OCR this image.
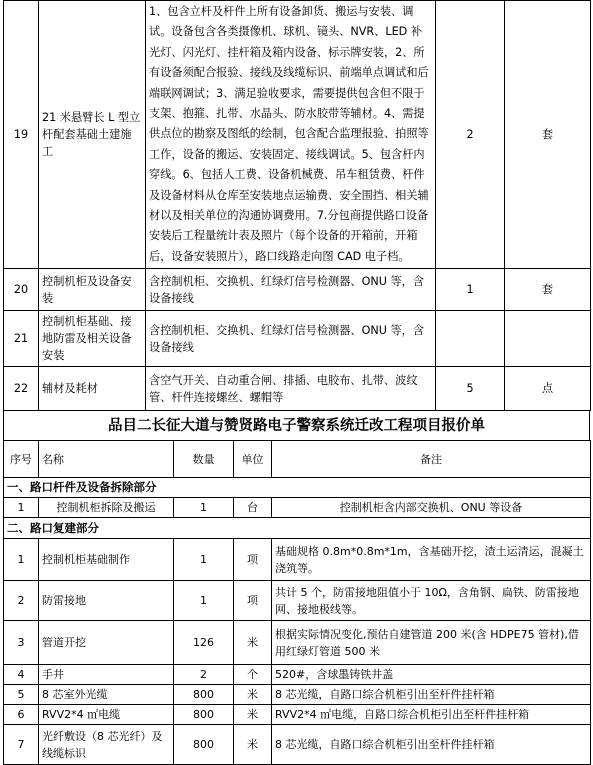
19	21 米悬臂长 L 型立杆配套基础土建施工	1、包含立杆及杆件上所有设备卸货、搬运与安装、调试。设备包含各类摄像机、球机、镜头、NVR、LED 补光灯、闪光灯、挂杆箱及箱内设备、标示牌安装，2、所有设备须配合报验、接线及线缆标识、前端单点调试和后端联网调试；3、满足验收要求，需要提供包含但不限于支架、抱箍、扎带、水晶头、防水胶带等辅材。4、需提供点位的勘察及图纸的绘制，包含配合监理报验、拍照等工作，设备的搬运、安装固定、接线调试。5、包含杆内穿线。6、包括人工费、设备机械费、吊车租赁费、杆件及设备材料从仓库至安装地点运输费、安全围挡、相关辅材以及相关单位的沟通协调费用。7.分包商提供路口设备安装后工程量统计表及照片（每个设备的开箱前，开箱后，设备安装照片），路口线路走向图 CAD 电子档。	2	套
20	控制机柜及设备安装	含控制机柜、交换机、红绿灯信号检测器、ONU 等，含设备接线	1	套
21	控制机柜基础、接地防雷及相关设备安装	含控制机柜、交换机、红绿灯信号检测器、ONU 等，含设备接线		
22	辅材及耗材	含空气开关、自动重合闸、排插、电胶布、扎带、波纹管、杆件连接螺丝、螺帽等	5	点
品目二长征大道与赞贤路电子警察系统迁改工程项目报价单
序号	名称	数量	单位	备注
一、路口杆件及设备拆除部分				
1	控制机柜拆除及搬运	1	台	控制机柜含内部交换机、ONU 等设备
二、路口复建部分				
1	控制机柜基础制作	1	项	基础规格 0.8m*0.8m*1m，含基础开挖，渣土运清运，混凝土浇筑等。
2	防雷接地	1	项	共计 5 个，防雷接地阻值小于 10Ω，含角钢、扁铁、防雷接地网、接地极线等。
3	管道开挖	126	米	根据实际情况变化,预估自建管道 200 米(含 HDPE75 管材),借用红绿灯管道 500 米
4	手井	2	个	520#，含球墨铸铁井盖
5	8 芯室外光缆	800	米	8 芯光缆，自路口综合机柜引出至杆件挂杆箱
6	RVV2*4 ㎡电缆	800	米	RVV2*4 ㎡电缆，自路口综合机柜引出至杆件挂杆箱
7	光纤敷设（8 芯光纤）及线缆标识	800	米	8 芯光缆，自路口综合机柜引出至杆件挂杆箱
